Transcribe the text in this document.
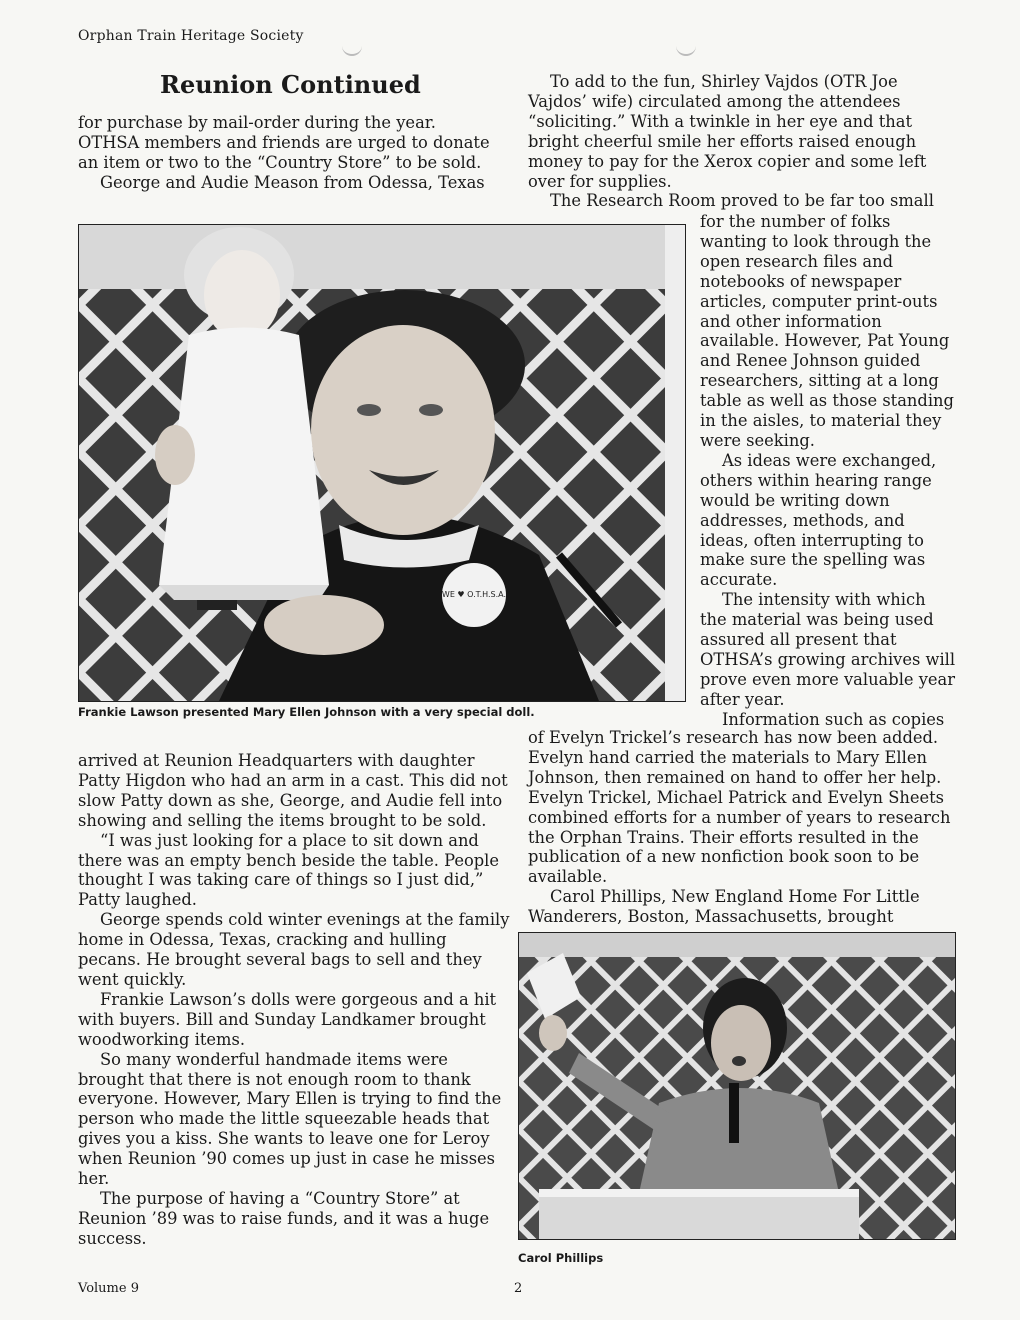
Orphan Train Heritage Society
Reunion Continued

for purchase by mail-order during the year.

OTHSA members and friends are urged to donate an item or two to the “Country Store” to be sold.

George and Audie Meason from Odessa, Texas

WE ♥ O.T.H.S.A.
Frankie Lawson presented Mary Ellen Johnson with a very special doll.

arrived at Reunion Headquarters with daughter Patty Higdon who had an arm in a cast. This did not slow Patty down as she, George, and Audie fell into showing and selling the items brought to be sold.

“I was just looking for a place to sit down and there was an empty bench beside the table. People thought I was taking care of things so I just did,” Patty laughed.

George spends cold winter evenings at the family home in Odessa, Texas, cracking and hulling pecans. He brought several bags to sell and they went quickly.

Frankie Lawson’s dolls were gorgeous and a hit with buyers. Bill and Sunday Landkamer brought woodworking items.

So many wonderful handmade items were brought that there is not enough room to thank everyone. However, Mary Ellen is trying to find the person who made the little squeezable heads that gives you a kiss. She wants to leave one for Leroy when Reunion ’90 comes up just in case he misses her.

The purpose of having a “Country Store” at Reunion ’89 was to raise funds, and it was a huge success.

To add to the fun, Shirley Vajdos (OTR Joe Vajdos’ wife) circulated among the attendees “soliciting.” With a twinkle in her eye and that bright cheerful smile her efforts raised enough money to pay for the Xerox copier and some left over for supplies.

The Research Room proved to be far too small

for the number of folks wanting to look through the open research files and notebooks of newspaper articles, computer print-outs and other information available. However, Pat Young and Renee Johnson guided researchers, sitting at a long table as well as those standing in the aisles, to material they were seeking.

As ideas were exchanged, others within hearing range would be writing down addresses, methods, and ideas, often interrupting to make sure the spelling was accurate.

The intensity with which the material was being used assured all present that OTHSA’s growing archives will prove even more valuable year after year.

Information such as copies

of Evelyn Trickel’s research has now been added. Evelyn hand carried the materials to Mary Ellen Johnson, then remained on hand to offer her help. Evelyn Trickel, Michael Patrick and Evelyn Sheets combined efforts for a number of years to research the Orphan Trains. Their efforts resulted in the publication of a new nonfiction book soon to be available.

Carol Phillips, New England Home For Little Wanderers, Boston, Massachusetts, brought

Carol Phillips
Volume 9	2
